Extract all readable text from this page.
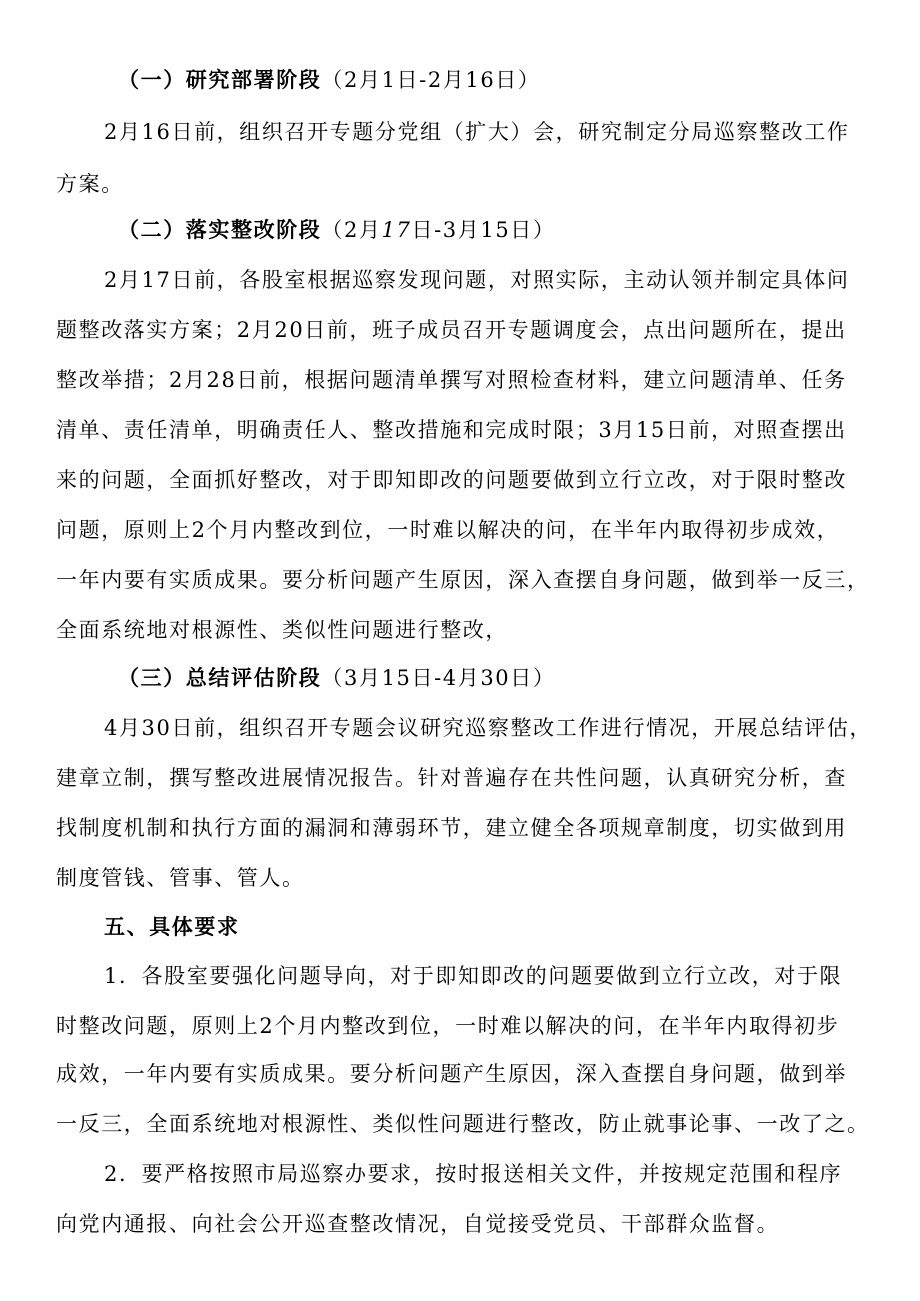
（一）研究部署阶段（2月1日-2月16日）
2月16日前，组织召开专题分党组（扩大）会，研究制定分局巡察整改工作
方案。
（二）落实整改阶段（2月17日-3月15日）
2月17日前，各股室根据巡察发现问题，对照实际，主动认领并制定具体问
题整改落实方案；2月20日前，班子成员召开专题调度会，点出问题所在，提出
整改举措；2月28日前，根据问题清单撰写对照检查材料，建立问题清单、任务
清单、责任清单，明确责任人、整改措施和完成时限；3月15日前，对照查摆出
来的问题，全面抓好整改，对于即知即改的问题要做到立行立改，对于限时整改
问题，原则上2个月内整改到位，一时难以解决的问，在半年内取得初步成效，
一年内要有实质成果。要分析问题产生原因，深入查摆自身问题，做到举一反三，
全面系统地对根源性、类似性问题进行整改，
（三）总结评估阶段（3月15日-4月30日）
4月30日前，组织召开专题会议研究巡察整改工作进行情况，开展总结评估，
建章立制，撰写整改进展情况报告。针对普遍存在共性问题，认真研究分析，查
找制度机制和执行方面的漏洞和薄弱环节，建立健全各项规章制度，切实做到用
制度管钱、管事、管人。
五、具体要求
1．各股室要强化问题导向，对于即知即改的问题要做到立行立改，对于限
时整改问题，原则上2个月内整改到位，一时难以解决的问，在半年内取得初步
成效，一年内要有实质成果。要分析问题产生原因，深入查摆自身问题，做到举
一反三，全面系统地对根源性、类似性问题进行整改，防止就事论事、一改了之。
2．要严格按照市局巡察办要求，按时报送相关文件，并按规定范围和程序
向党内通报、向社会公开巡查整改情况，自觉接受党员、干部群众监督。
